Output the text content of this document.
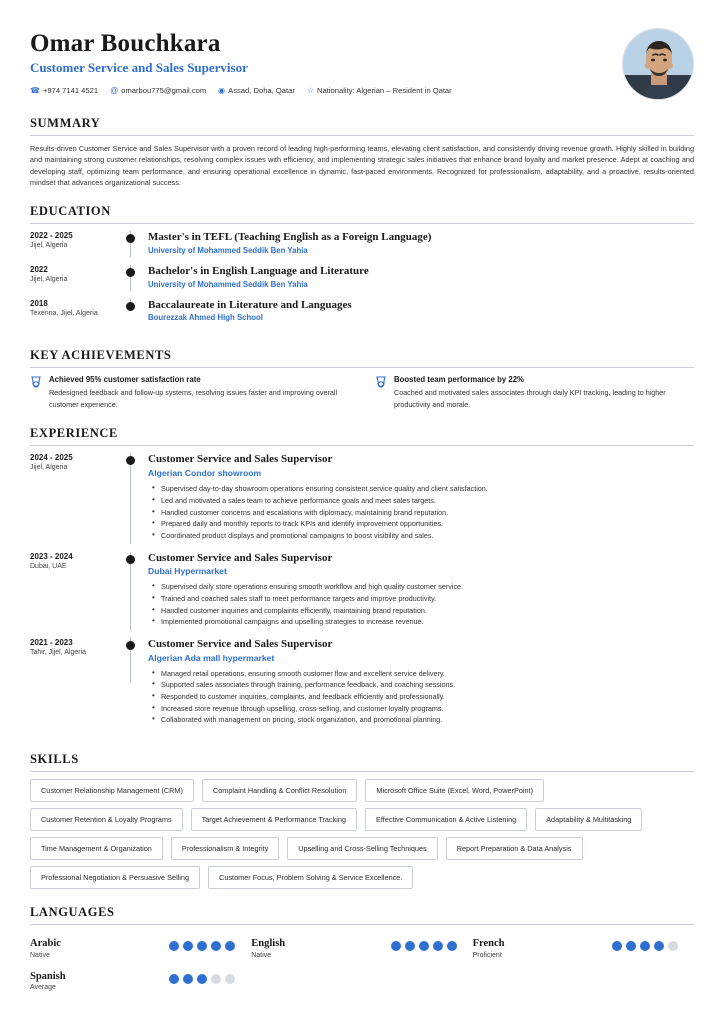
Omar Bouchkara
Customer Service and Sales Supervisor
☎ +974 7141 4521 @ omarbou775@gmail.com ◉ Assad, Doha, Qatar ☆ Nationality: Algerian – Resident in Qatar
SUMMARY
Results-driven Customer Service and Sales Supervisor with a proven record of leading high-performing teams, elevating client satisfaction, and consistently driving revenue growth. Highly skilled in building and maintaining strong customer relationships, resolving complex issues with efficiency, and implementing strategic sales initiatives that enhance brand loyalty and market presence. Adept at coaching and developing staff, optimizing team performance, and ensuring operational excellence in dynamic, fast-paced environments. Recognized for professionalism, adaptability, and a proactive, results-oriented mindset that advances organizational success.
EDUCATION
2022 - 2025
Jijel, Algeria
Master's in TEFL (Teaching English as a Foreign Language)
University of Mohammed Seddik Ben Yahia
2022
Jijel, Algeria
Bachelor's in English Language and Literature
University of Mohammed Seddik Ben Yahia
2018
Texenna, Jijel, Algeria
Baccalaureate in Literature and Languages
Bourezzak Ahmed High School
KEY ACHIEVEMENTS
Achieved 95% customer satisfaction rate
Redesigned feedback and follow-up systems, resolving issues faster and improving overall customer experience.
Boosted team performance by 22%
Coached and motivated sales associates through daily KPI tracking, leading to higher productivity and morale.
EXPERIENCE
2024 - 2025
Jijel, Algeria
Customer Service and Sales Supervisor
Algerian Condor showroom
• Supervised day-to-day showroom operations ensuring consistent service quality and client satisfaction.
• Led and motivated a sales team to achieve performance goals and meet sales targets.
• Handled customer concerns and escalations with diplomacy, maintaining brand reputation.
• Prepared daily and monthly reports to track KPIs and identify improvement opportunities.
• Coordinated product displays and promotional campaigns to boost visibility and sales.
2023 - 2024
Dubai, UAE
Customer Service and Sales Supervisor
Dubai Hypermarket
• Supervised daily store operations ensuring smooth workflow and high quality customer service.
• Trained and coached sales staff to meet performance targets and improve productivity.
• Handled customer inquiries and complaints efficiently, maintaining brand reputation.
• Implemented promotional campaigns and upselling strategies to increase revenue.
2021 - 2023
Tahir, Jijel, Algeria
Customer Service and Sales Supervisor
Algerian Ada mall hypermarket
• Managed retail operations, ensuring smooth customer flow and excellent service delivery.
• Supported sales associates through training, performance feedback, and coaching sessions.
• Responded to customer inquiries, complaints, and feedback efficiently and professionally.
• Increased store revenue through upselling, cross-selling, and customer loyalty programs.
• Collaborated with management on pricing, stock organization, and promotional planning.
SKILLS
Customer Relationship Management (CRM)	Complaint Handling & Conflict Resolution	Microsoft Office Suite (Excel, Word, PowerPoint)
Customer Retention & Loyalty Programs	Target Achievement & Performance Tracking	Effective Communication & Active Listening	Adaptability & Multitasking
Time Management & Organization	Professionalism & Integrity	Upselling and Cross-Selling Techniques	Report Preparation & Data Analysis
Professional Negotiation & Persuasive Selling	Customer Focus, Problem Solving & Service Excellence.
LANGUAGES
Arabic
Native
English
Native
French
Proficient
Spanish
Average
